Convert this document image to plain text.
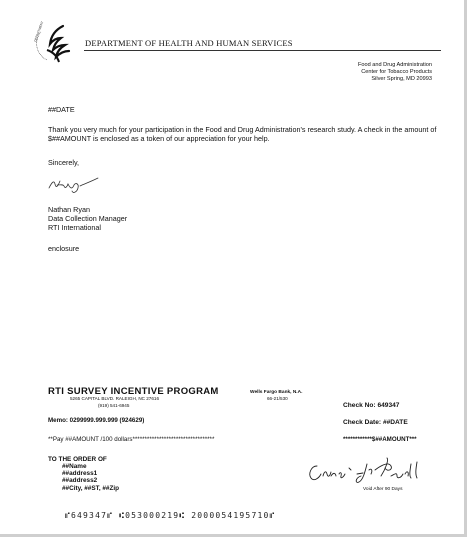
DEPARTMENT
DEPARTMENT OF HEALTH AND HUMAN SERVICES
Food and Drug Administration
Center for Tobacco Products
Silver Spring, MD 20993
##DATE
Thank you very much for your participation in the Food and Drug Administration's research study. A check in the amount of $##AMOUNT is enclosed as a token of our appreciation for your help.
Sincerely,
Nathan Ryan
Data Collection Manager
RTI International
enclosure
RTI SURVEY INCENTIVE PROGRAM
5265 CAPITAL BLVD. RALEIGH, NC 27616
(919) 541-6945
Wells Fargo Bank, N.A.
66-21/530
Check No: 649347
Memo: 0299999.999.999 (924629)	Check Date: ##DATE
**Pay ##AMOUNT /100 dollars**********************************	************$##AMOUNT***
TO THE ORDER OF
##Name
##address1
##address2
##City, ##ST, ##Zip	Void After 90 Days
⑈649347⑈ ⑆053000219⑆ 2000054195710⑈
